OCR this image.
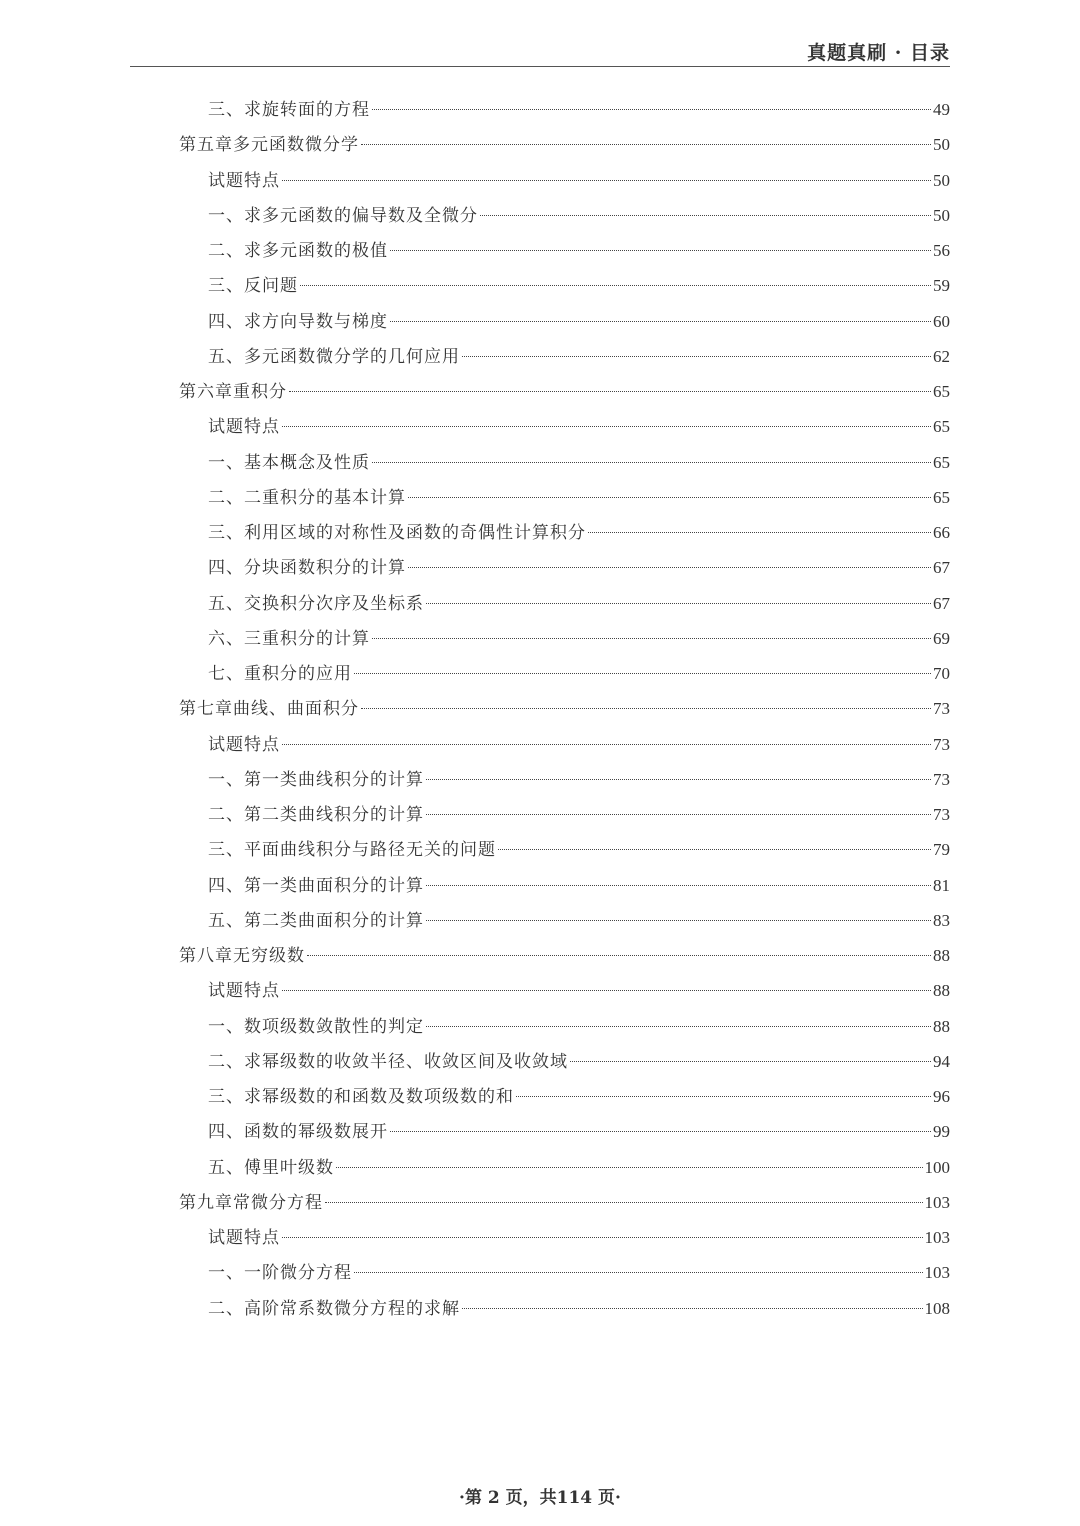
真题真刷 · 目录
三、求旋转面的方程	49
第五章多元函数微分学	50
试题特点	50
一、求多元函数的偏导数及全微分	50
二、求多元函数的极值	56
三、反问题	59
四、求方向导数与梯度	60
五、多元函数微分学的几何应用	62
第六章重积分	65
试题特点	65
一、基本概念及性质	65
二、二重积分的基本计算	65
三、利用区域的对称性及函数的奇偶性计算积分	66
四、分块函数积分的计算	67
五、交换积分次序及坐标系	67
六、三重积分的计算	69
七、重积分的应用	70
第七章曲线、曲面积分	73
试题特点	73
一、第一类曲线积分的计算	73
二、第二类曲线积分的计算	73
三、平面曲线积分与路径无关的问题	79
四、第一类曲面积分的计算	81
五、第二类曲面积分的计算	83
第八章无穷级数	88
试题特点	88
一、数项级数敛散性的判定	88
二、求幂级数的收敛半径、收敛区间及收敛域	94
三、求幂级数的和函数及数项级数的和	96
四、函数的幂级数展开	99
五、傅里叶级数	100
第九章常微分方程	103
试题特点	103
一、一阶微分方程	103
二、高阶常系数微分方程的求解	108
·第 2 页，共114 页·
